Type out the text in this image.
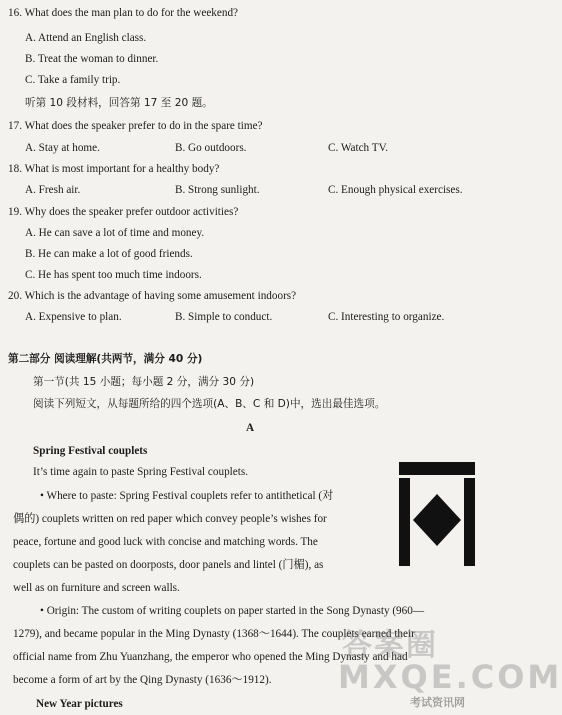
16. What does the man plan to do for the weekend?
A. Attend an English class.
B. Treat the woman to dinner.
C. Take a family trip.
听第 10 段材料，回答第 17 至 20 题。
17. What does the speaker prefer to do in the spare time?
A. Stay at home.	B. Go outdoors.	C. Watch TV.
18. What is most important for a healthy body?
A. Fresh air.	B. Strong sunlight.	C. Enough physical exercises.
19. Why does the speaker prefer outdoor activities?
A. He can save a lot of time and money.
B. He can make a lot of good friends.
C. He has spent too much time indoors.
20. Which is the advantage of having some amusement indoors?
A. Expensive to plan.	B. Simple to conduct.	C. Interesting to organize.
第二部分 阅读理解(共两节，满分 40 分)
第一节(共 15 小题；每小题 2 分，满分 30 分)
阅读下列短文，从每题所给的四个选项(A、B、C 和 D)中，选出最佳选项。
A
Spring Festival couplets
It’s time again to paste Spring Festival couplets.
• Where to paste: Spring Festival couplets refer to antithetical (对
偶的) couplets written on red paper which convey people’s wishes for
peace, fortune and good luck with concise and matching words. The
couplets can be pasted on doorposts, door panels and lintel (门楣), as
well as on furniture and screen walls.
• Origin: The custom of writing couplets on paper started in the Song Dynasty (960—
1279), and became popular in the Ming Dynasty (1368～1644). The couplets earned their
official name from Zhu Yuanzhang, the emperor who opened the Ming Dynasty and had
become a form of art by the Qing Dynasty (1636～1912).
New Year pictures
答案圈
MXQE.COM
考试资讯网
